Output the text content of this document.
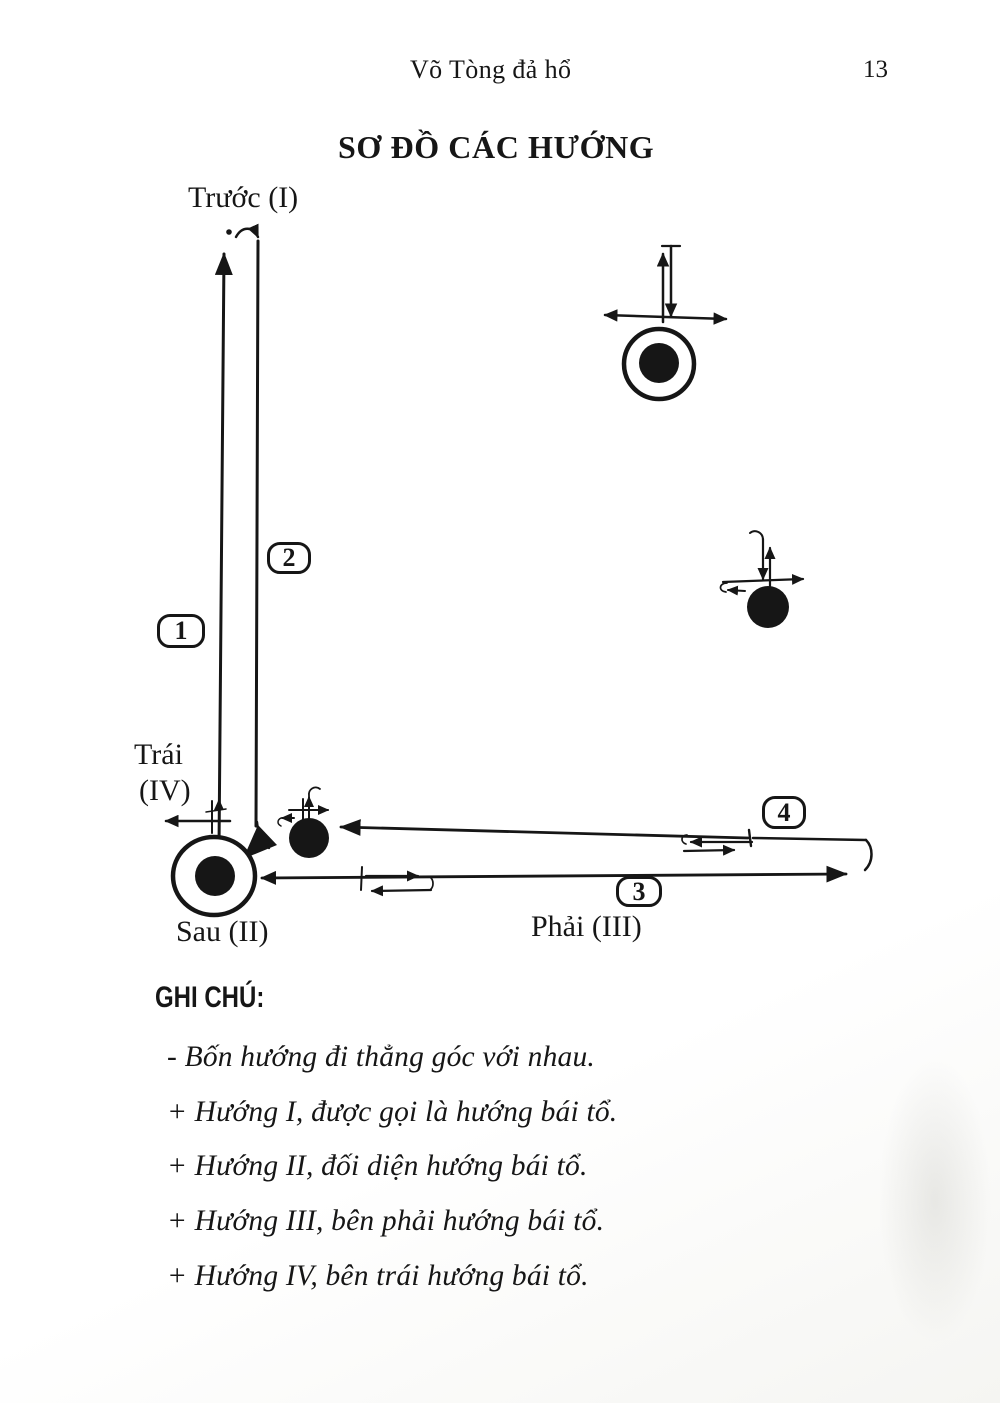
Võ Tòng đả hổ	13
SƠ ĐỒ CÁC HƯỚNG
Trước (I)
Trái
(IV)
Sau (II)	Phải (III)
1
2
3
4
GHI CHÚ:
- Bốn hướng đi thẳng góc với nhau.
+ Hướng I, được gọi là hướng bái tổ.
+ Hướng II, đối diện hướng bái tổ.
+ Hướng III, bên phải hướng bái tổ.
+ Hướng IV, bên trái hướng bái tổ.
